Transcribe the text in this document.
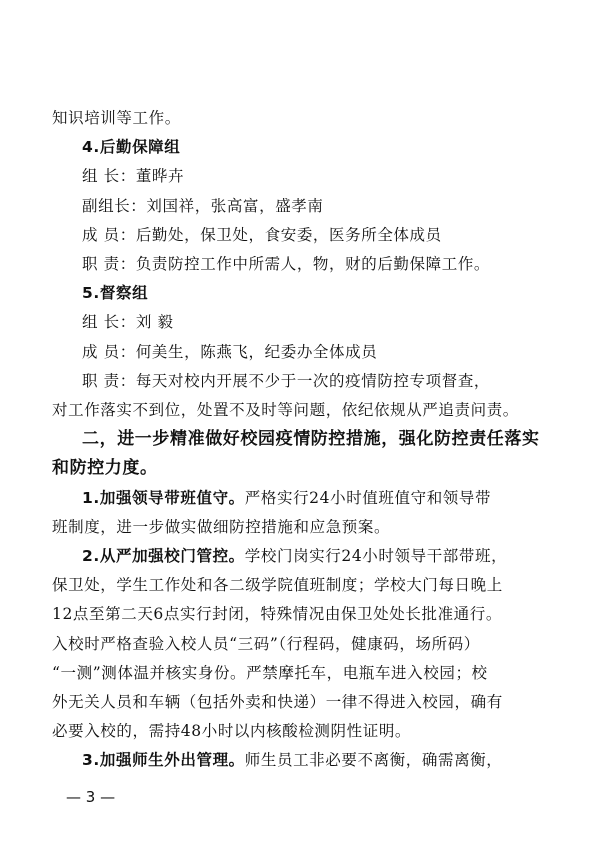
— 3 —
知识培训等工作。
4.后勤保障组
组 长：董晔卉
副组长：刘国祥，张高富，盛孝南
成 员：后勤处，保卫处，食安委，医务所全体成员
职 责：负责防控工作中所需人，物，财的后勤保障工作。
5.督察组
组 长：刘 毅
成 员：何美生，陈燕飞，纪委办全体成员
职 责：每天对校内开展不少于一次的疫情防控专项督查，
对工作落实不到位，处置不及时等问题，依纪依规从严追责问责。
二，进一步精准做好校园疫情防控措施，强化防控责任落实
和防控力度。
1.加强领导带班值守。严格实行24小时值班值守和领导带
班制度，进一步做实做细防控措施和应急预案。
2.从严加强校门管控。学校门岗实行24小时领导干部带班，
保卫处，学生工作处和各二级学院值班制度；学校大门每日晚上
12点至第二天6点实行封闭，特殊情况由保卫处处长批准通行。
入校时严格查验入校人员“三码”（行程码，健康码，场所码）
“一测”测体温并核实身份。严禁摩托车，电瓶车进入校园；校
外无关人员和车辆（包括外卖和快递）一律不得进入校园，确有
必要入校的，需持48小时以内核酸检测阴性证明。
3.加强师生外出管理。师生员工非必要不离衡，确需离衡，
